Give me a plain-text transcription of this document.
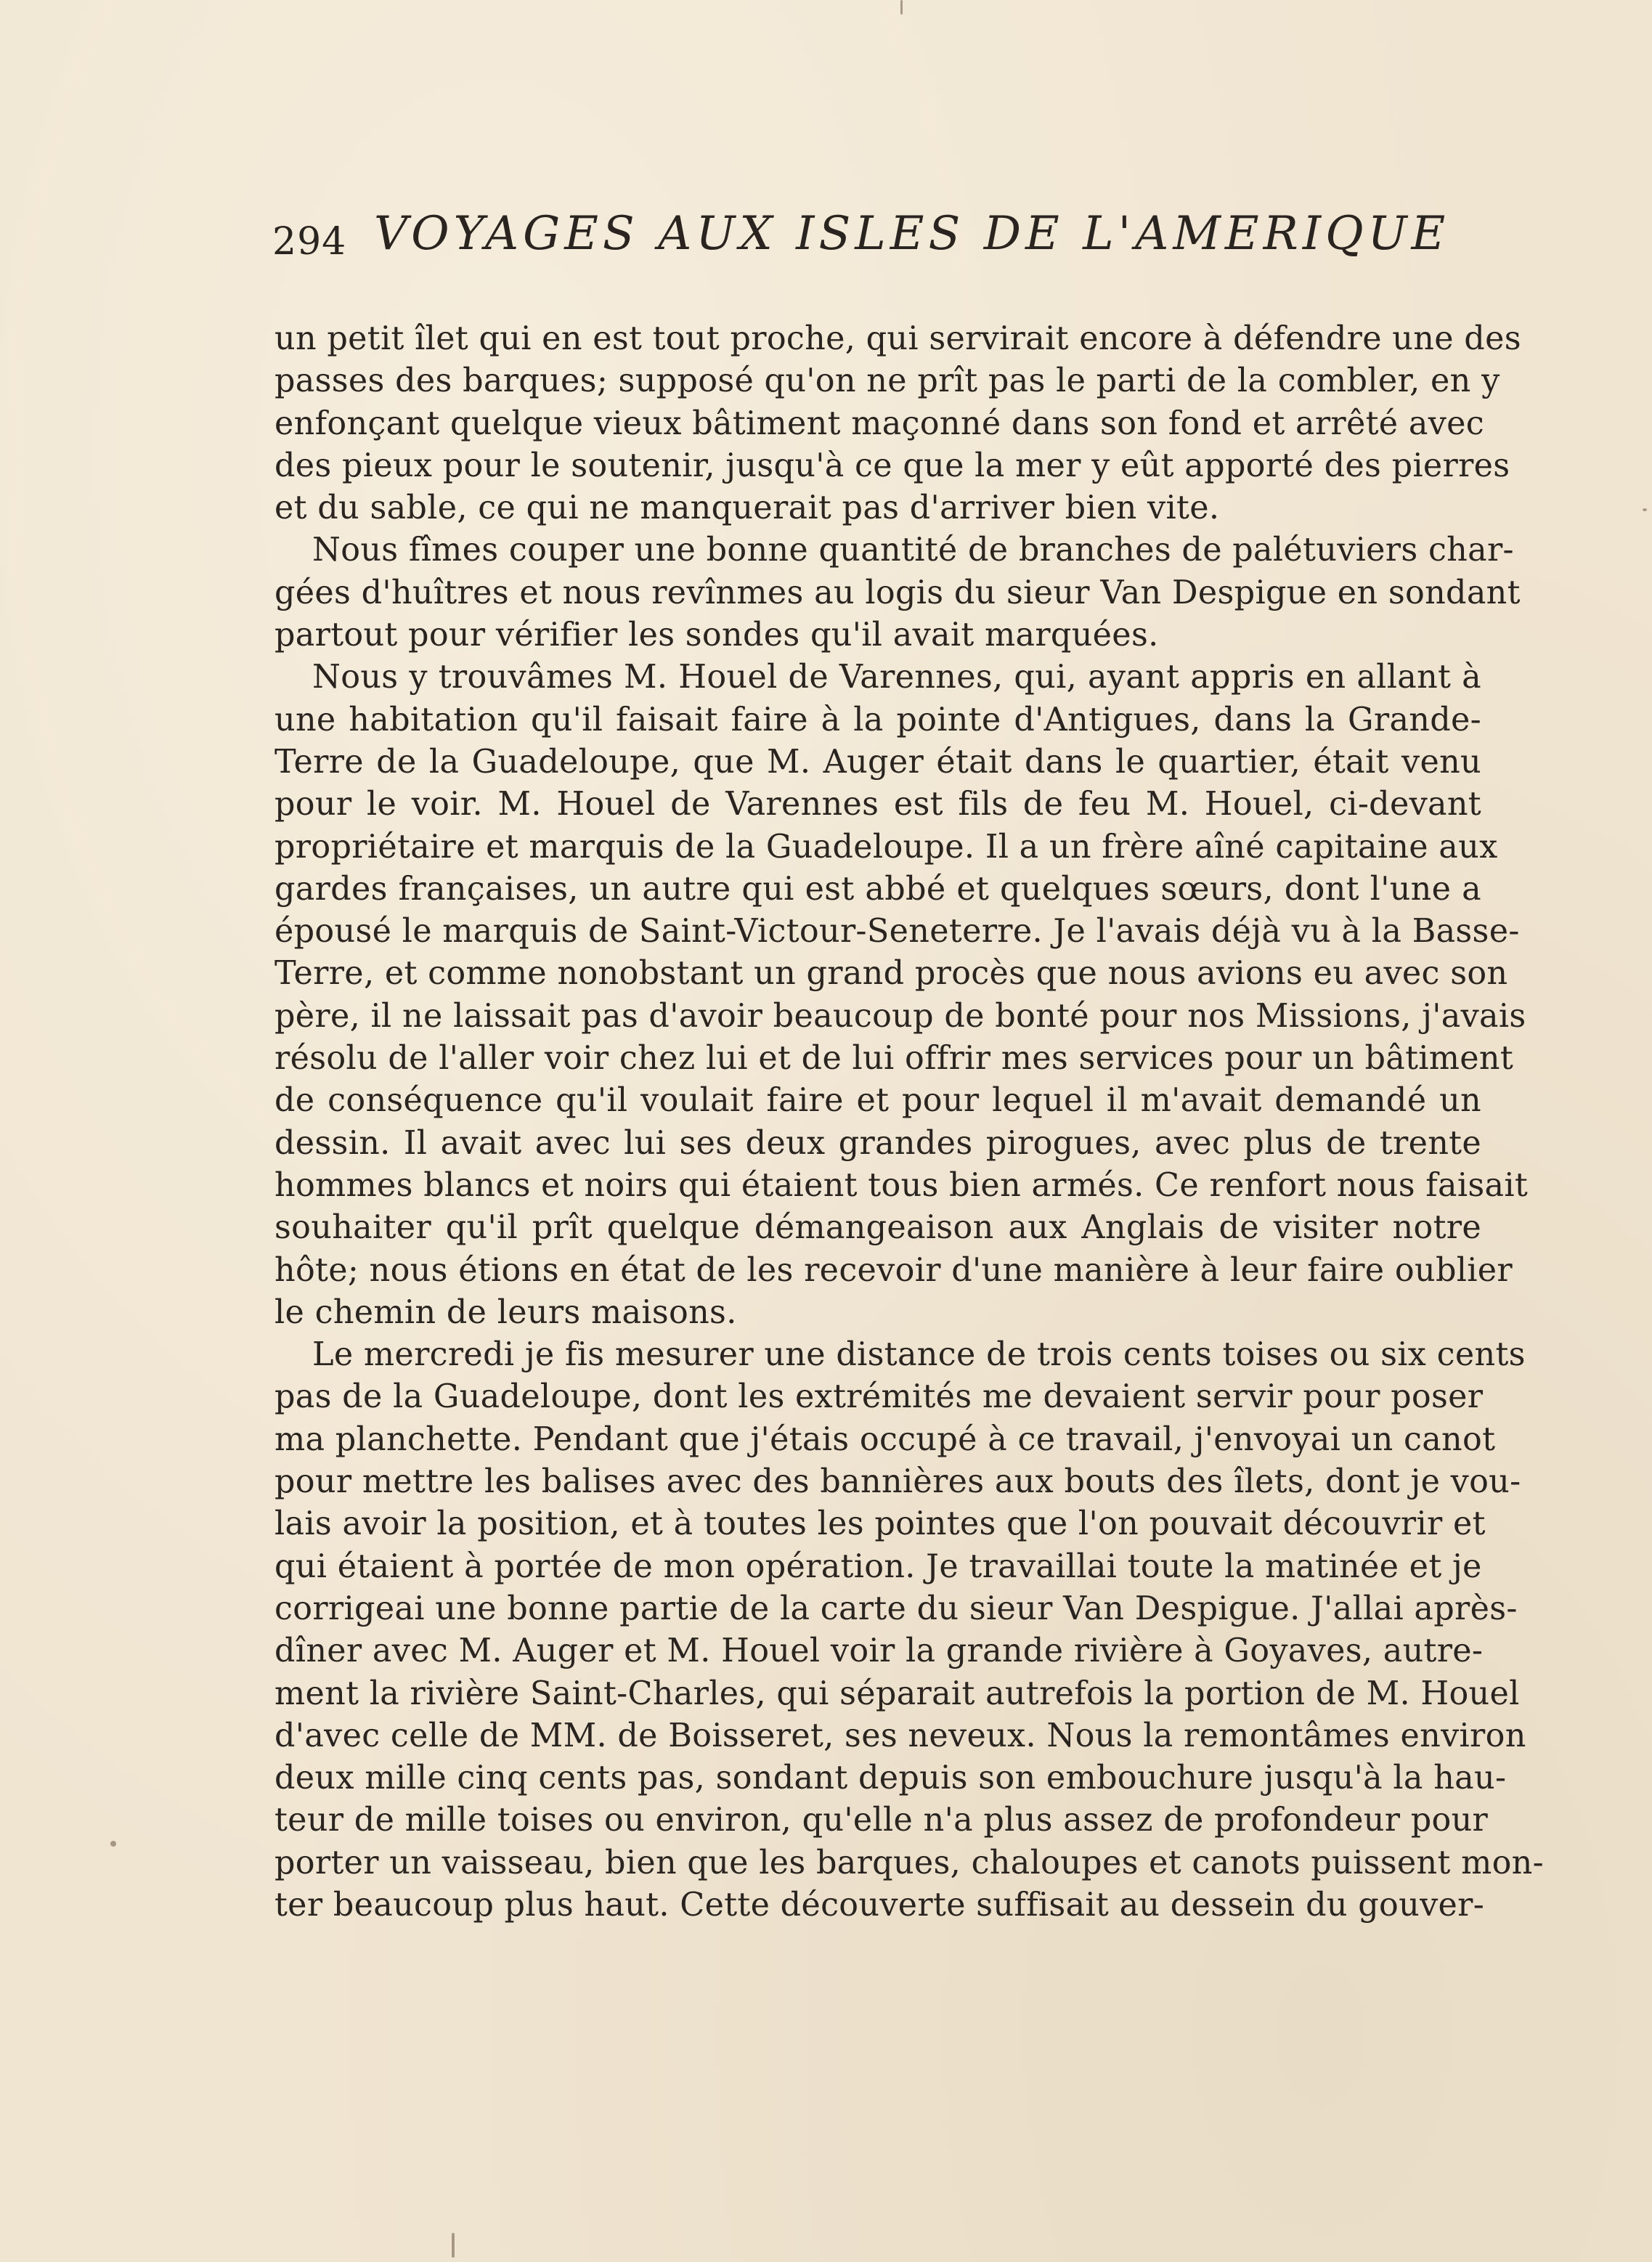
294 VOYAGES AUX ISLES DE L'AMERIQUE
un petit îlet qui en est tout proche, qui servirait encore à défendre une des
passes des barques; supposé qu'on ne prît pas le parti de la combler, en y
enfonçant quelque vieux bâtiment maçonné dans son fond et arrêté avec
des pieux pour le soutenir, jusqu'à ce que la mer y eût apporté des pierres
et du sable, ce qui ne manquerait pas d'arriver bien vite.
Nous fîmes couper une bonne quantité de branches de palétuviers char-
gées d'huîtres et nous revînmes au logis du sieur Van Despigue en sondant
partout pour vérifier les sondes qu'il avait marquées.
Nous y trouvâmes M. Houel de Varennes, qui, ayant appris en allant à
une habitation qu'il faisait faire à la pointe d'Antigues, dans la Grande-
Terre de la Guadeloupe, que M. Auger était dans le quartier, était venu
pour le voir. M. Houel de Varennes est fils de feu M. Houel, ci-devant
propriétaire et marquis de la Guadeloupe. Il a un frère aîné capitaine aux
gardes françaises, un autre qui est abbé et quelques sœurs, dont l'une a
épousé le marquis de Saint-Victour-Seneterre. Je l'avais déjà vu à la Basse-
Terre, et comme nonobstant un grand procès que nous avions eu avec son
père, il ne laissait pas d'avoir beaucoup de bonté pour nos Missions, j'avais
résolu de l'aller voir chez lui et de lui offrir mes services pour un bâtiment
de conséquence qu'il voulait faire et pour lequel il m'avait demandé un
dessin. Il avait avec lui ses deux grandes pirogues, avec plus de trente
hommes blancs et noirs qui étaient tous bien armés. Ce renfort nous faisait
souhaiter qu'il prît quelque démangeaison aux Anglais de visiter notre
hôte; nous étions en état de les recevoir d'une manière à leur faire oublier
le chemin de leurs maisons.
Le mercredi je fis mesurer une distance de trois cents toises ou six cents
pas de la Guadeloupe, dont les extrémités me devaient servir pour poser
ma planchette. Pendant que j'étais occupé à ce travail, j'envoyai un canot
pour mettre les balises avec des bannières aux bouts des îlets, dont je vou-
lais avoir la position, et à toutes les pointes que l'on pouvait découvrir et
qui étaient à portée de mon opération. Je travaillai toute la matinée et je
corrigeai une bonne partie de la carte du sieur Van Despigue. J'allai après-
dîner avec M. Auger et M. Houel voir la grande rivière à Goyaves, autre-
ment la rivière Saint-Charles, qui séparait autrefois la portion de M. Houel
d'avec celle de MM. de Boisseret, ses neveux. Nous la remontâmes environ
deux mille cinq cents pas, sondant depuis son embouchure jusqu'à la hau-
teur de mille toises ou environ, qu'elle n'a plus assez de profondeur pour
porter un vaisseau, bien que les barques, chaloupes et canots puissent mon-
ter beaucoup plus haut. Cette découverte suffisait au dessein du gouver-
